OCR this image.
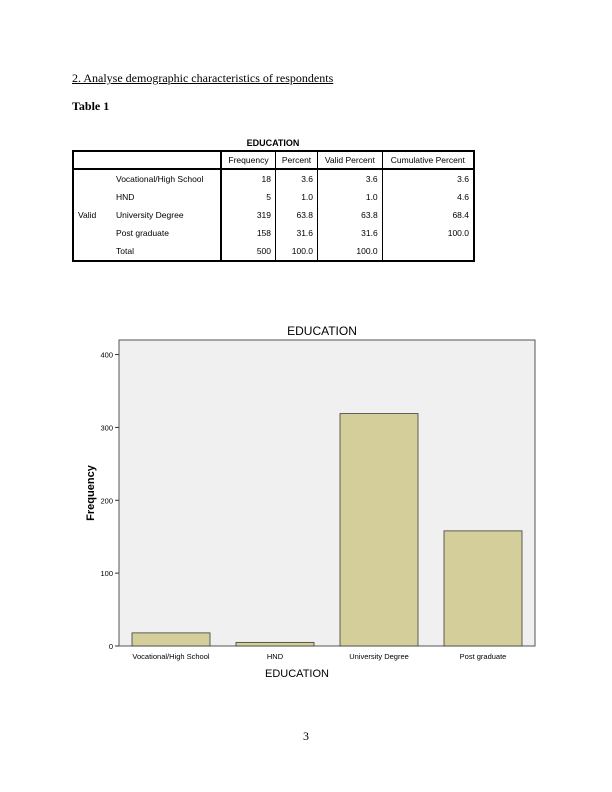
2. Analyse demographic characteristics of respondents
Table 1
EDUCATION
		Frequency	Percent	Valid Percent	Cumulative Percent
	Vocational/High School	18	3.6	3.6	3.6
	HND	5	1.0	1.0	4.6
Valid	University Degree	319	63.8	63.8	68.4
	Post graduate	158	31.6	31.6	100.0
	Total	500	100.0	100.0	
EDUCATION
0
100
200
300
400
Vocational/High School	HND	University Degree	Post graduate
EDUCATION
Frequency
3
